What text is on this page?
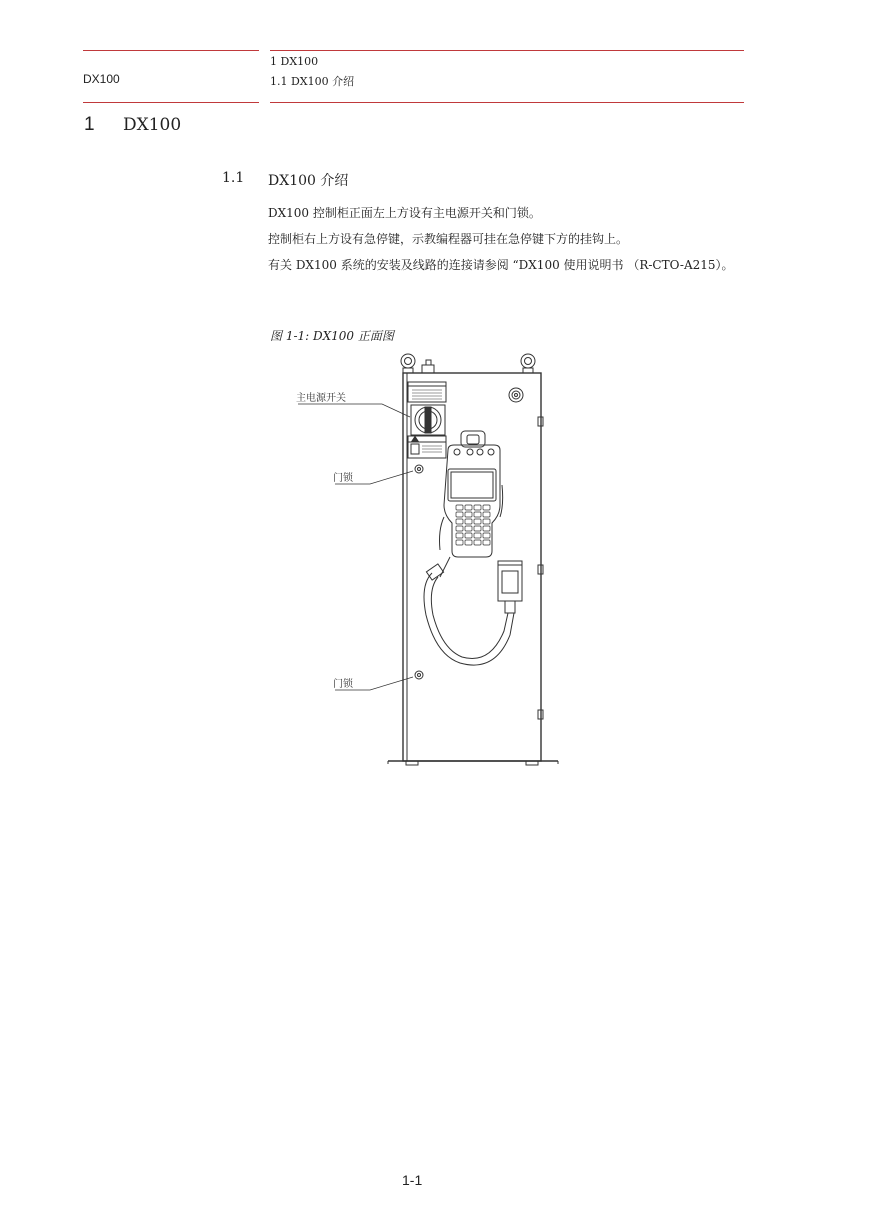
DX100
1 DX100
1.1 DX100 介绍
1 DX100
1.1 DX100 介绍
DX100 控制柜正面左上方设有主电源开关和门锁。
控制柜右上方设有急停键，示教编程器可挂在急停键下方的挂钩上。
有关 DX100 系统的安装及线路的连接请参阅 “DX100 使用说明书 （R-CTO-A215）。
图 1-1: DX100 正面图
主电源开关
门锁
门锁
1-1
